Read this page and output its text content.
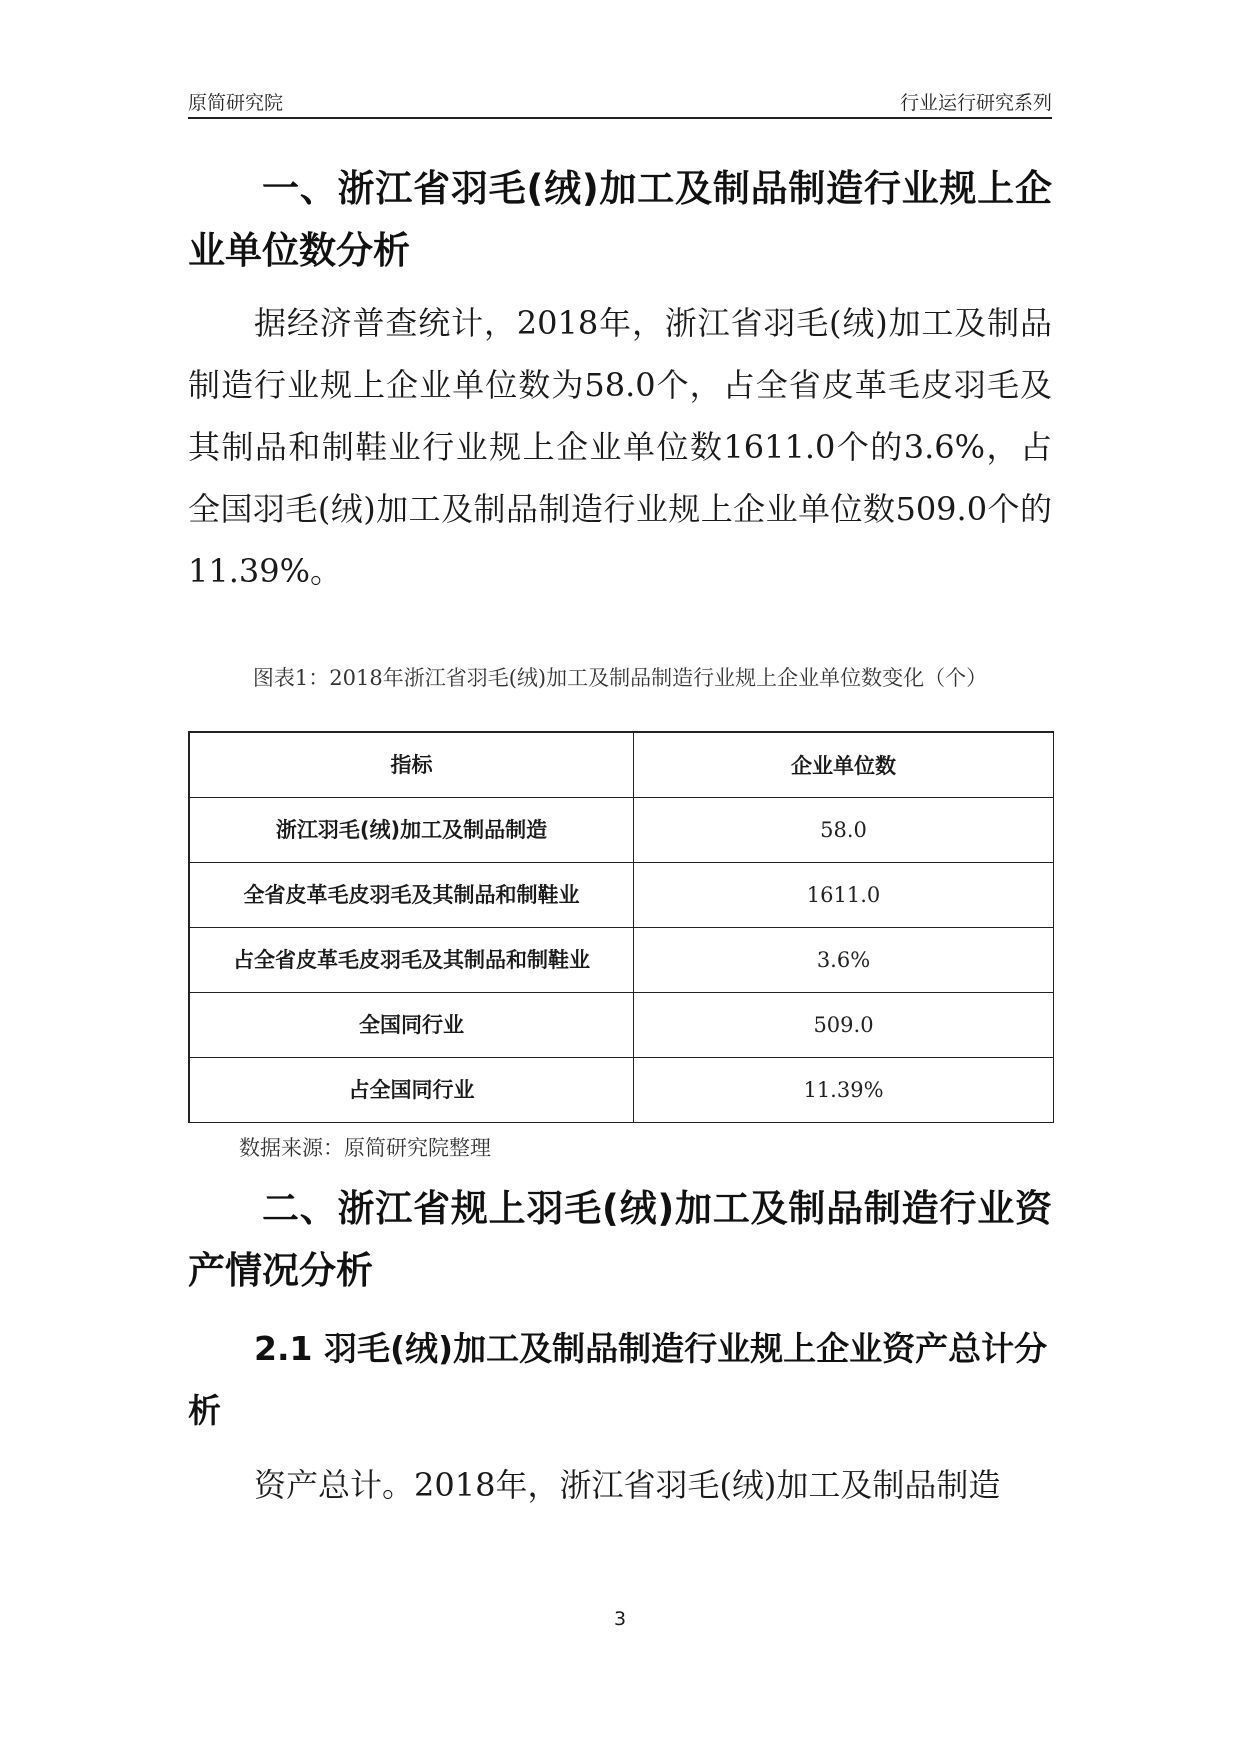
原简研究院	行业运行研究系列
一、浙江省羽毛(绒)加工及制品制造行业规上企业单位数分析

据经济普查统计，2018年，浙江省羽毛(绒)加工及制品制造行业规上企业单位数为58.0个，占全省皮革毛皮羽毛及其制品和制鞋业行业规上企业单位数1611.0个的3.6%，占全国羽毛(绒)加工及制品制造行业规上企业单位数509.0个的11.39%。

图表1：2018年浙江省羽毛(绒)加工及制品制造行业规上企业单位数变化（个）
指标	企业单位数
浙江羽毛(绒)加工及制品制造	58.0
全省皮革毛皮羽毛及其制品和制鞋业	1611.0
占全省皮革毛皮羽毛及其制品和制鞋业	3.6%
全国同行业	509.0
占全国同行业	11.39%
数据来源：原简研究院整理
二、浙江省规上羽毛(绒)加工及制品制造行业资产情况分析
2.1 羽毛(绒)加工及制品制造行业规上企业资产总计分析

资产总计。2018年，浙江省羽毛(绒)加工及制品制造

3
